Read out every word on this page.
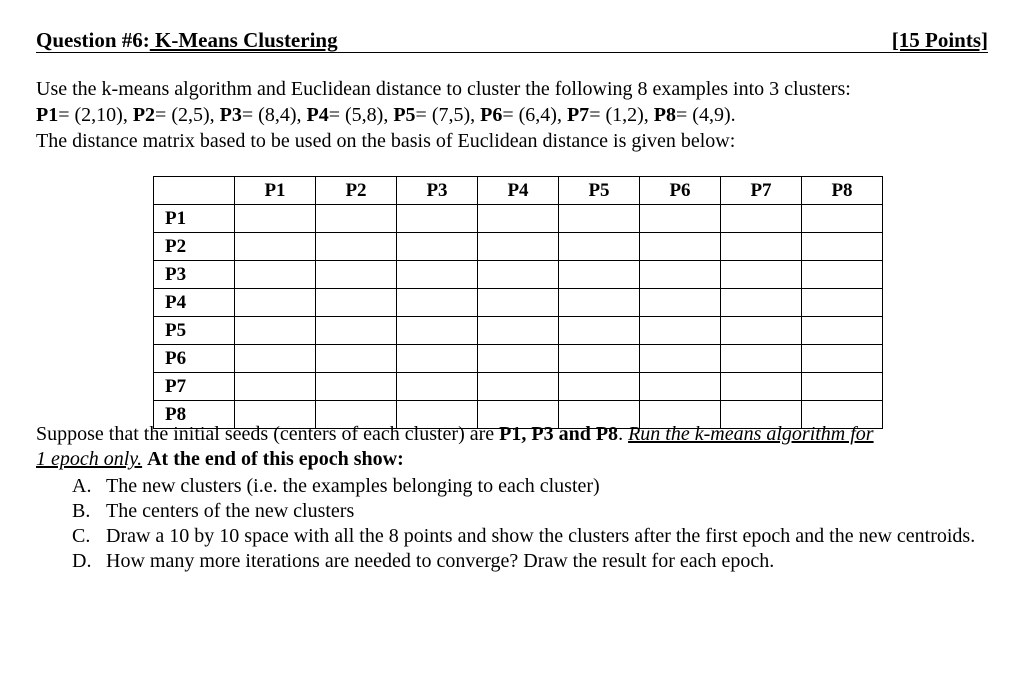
Question #6: K-Means Clustering	[15 Points]

Use the k-means algorithm and Euclidean distance to cluster the following 8 examples into 3 clusters:

P1= (2,10), P2= (2,5), P3= (8,4), P4= (5,8), P5= (7,5), P6= (6,4), P7= (1,2), P8= (4,9).

The distance matrix based to be used on the basis of Euclidean distance is given below:

	P1	P2	P3	P4	P5	P6	P7	P8
P1								
P2								
P3								
P4								
P5								
P6								
P7								
P8								

Suppose that the initial seeds (centers of each cluster) are P1, P3 and P8. Run the k-means algorithm for

1 epoch only. At the end of this epoch show:

A. The new clusters (i.e. the examples belonging to each cluster)
B. The centers of the new clusters
C. Draw a 10 by 10 space with all the 8 points and show the clusters after the first epoch and the new centroids.
D. How many more iterations are needed to converge? Draw the result for each epoch.
